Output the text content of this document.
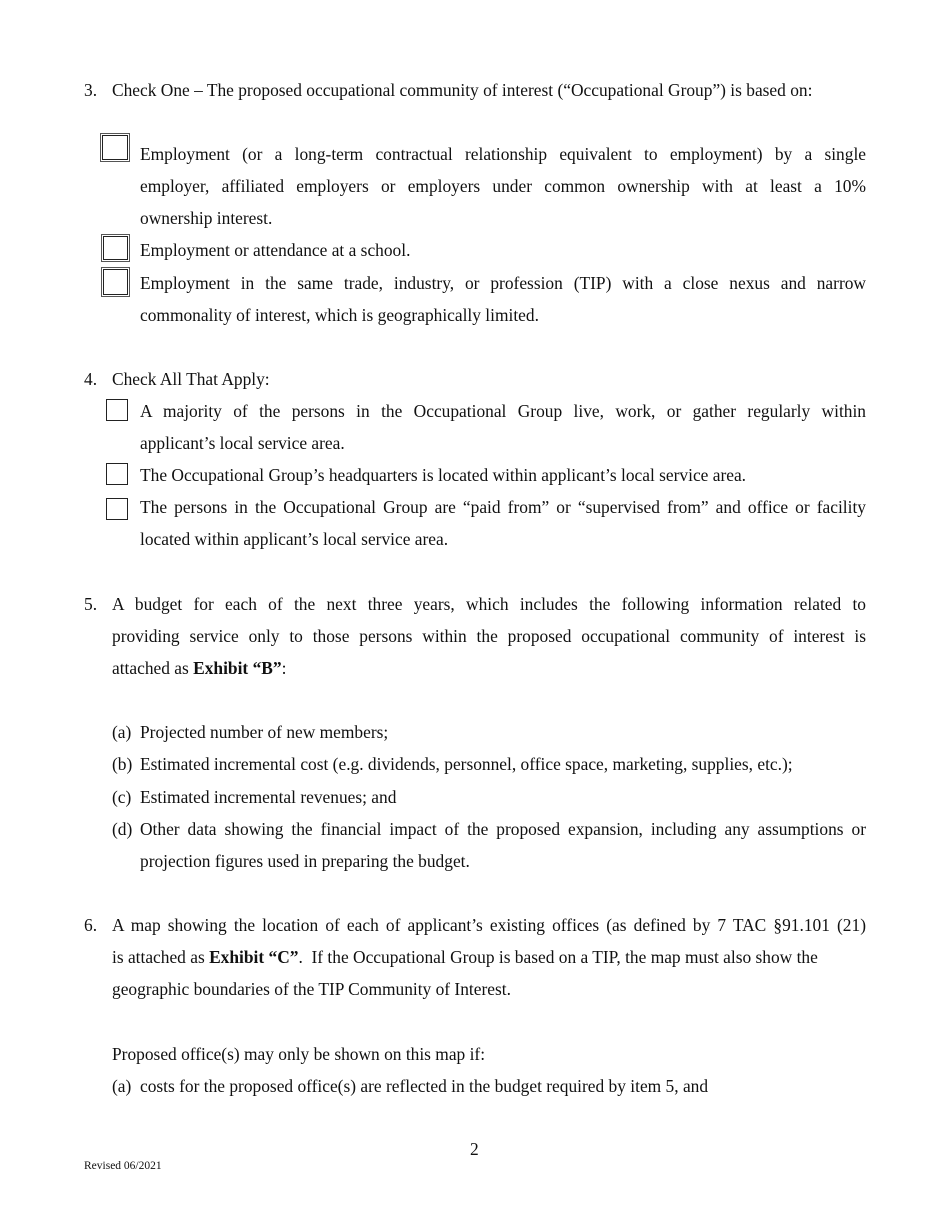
3. Check One – The proposed occupational community of interest (“Occupational Group”) is based on:
Employment (or a long-term contractual relationship equivalent to employment) by a single
employer, affiliated employers or employers under common ownership with at least a 10%
ownership interest.
Employment or attendance at a school.
Employment in the same trade, industry, or profession (TIP) with a close nexus and narrow
commonality of interest, which is geographically limited.
4. Check All That Apply:
A majority of the persons in the Occupational Group live, work, or gather regularly within
applicant’s local service area.
The Occupational Group’s headquarters is located within applicant’s local service area.
The persons in the Occupational Group are “paid from” or “supervised from” and office or facility
located within applicant’s local service area.
5. A budget for each of the next three years, which includes the following information related to
providing service only to those persons within the proposed occupational community of interest is
attached as Exhibit “B”:
(a) Projected number of new members;
(b) Estimated incremental cost (e.g. dividends, personnel, office space, marketing, supplies, etc.);
(c) Estimated incremental revenues; and
(d) Other data showing the financial impact of the proposed expansion, including any assumptions or
projection figures used in preparing the budget.
6. A map showing the location of each of applicant’s existing offices (as defined by 7 TAC §91.101 (21)
is attached as Exhibit “C”.  If the Occupational Group is based on a TIP, the map must also show the
geographic boundaries of the TIP Community of Interest.
Proposed office(s) may only be shown on this map if:
(a) costs for the proposed office(s) are reflected in the budget required by item 5, and
2
Revised 06/2021
